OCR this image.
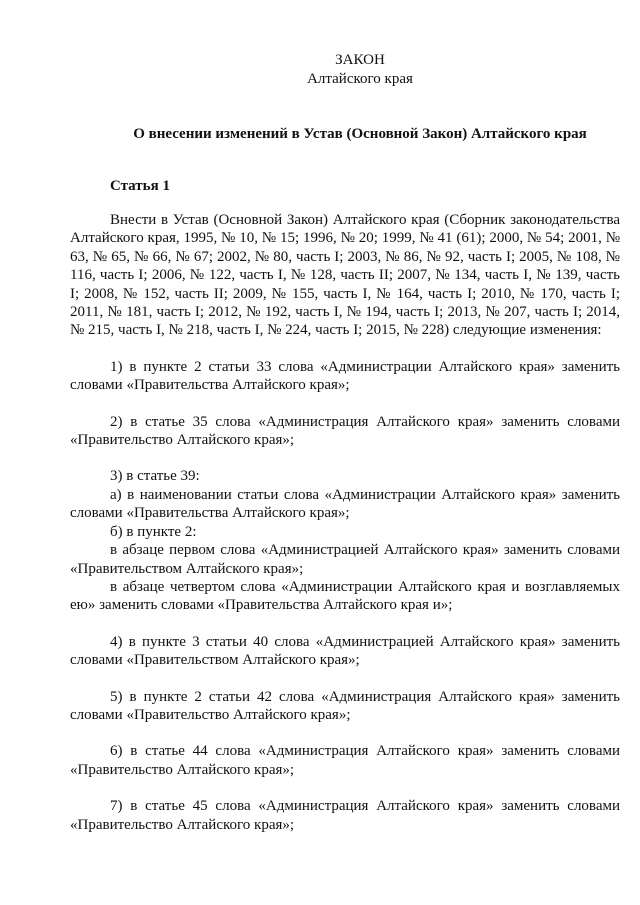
ЗАКОН
Алтайского края
О внесении изменений в Устав (Основной Закон) Алтайского края
Статья 1

Внести в Устав (Основной Закон) Алтайского края (Сборник законодательства Алтайского края, 1995, № 10, № 15; 1996, № 20; 1999, № 41 (61); 2000, № 54; 2001, № 63, № 65, № 66, № 67; 2002, № 80, часть I; 2003, № 86, № 92, часть I; 2005, № 108, № 116, часть I; 2006, № 122, часть I, № 128, часть II; 2007, № 134, часть I, № 139, часть I; 2008, № 152, часть II; 2009, № 155, часть I, № 164, часть I; 2010, № 170, часть I; 2011, № 181, часть I; 2012, № 192, часть I, № 194, часть I; 2013, № 207, часть I; 2014, № 215, часть I, № 218, часть I, № 224, часть I; 2015, № 228) следующие изменения:

1) в пункте 2 статьи 33 слова «Администрации Алтайского края» заменить словами «Правительства Алтайского края»;

2) в статье 35 слова «Администрация Алтайского края» заменить словами «Правительство Алтайского края»;

3) в статье 39:

а) в наименовании статьи слова «Администрации Алтайского края» заменить словами «Правительства Алтайского края»;

б) в пункте 2:

в абзаце первом слова «Администрацией Алтайского края» заменить словами «Правительством Алтайского края»;

в абзаце четвертом слова «Администрации Алтайского края и возглавляемых ею» заменить словами «Правительства Алтайского края и»;

4) в пункте 3 статьи 40 слова «Администрацией Алтайского края» заменить словами «Правительством Алтайского края»;

5) в пункте 2 статьи 42 слова «Администрация Алтайского края» заменить словами «Правительство Алтайского края»;

6) в статье 44 слова «Администрация Алтайского края» заменить словами «Правительство Алтайского края»;

7) в статье 45 слова «Администрация Алтайского края» заменить словами «Правительство Алтайского края»;
